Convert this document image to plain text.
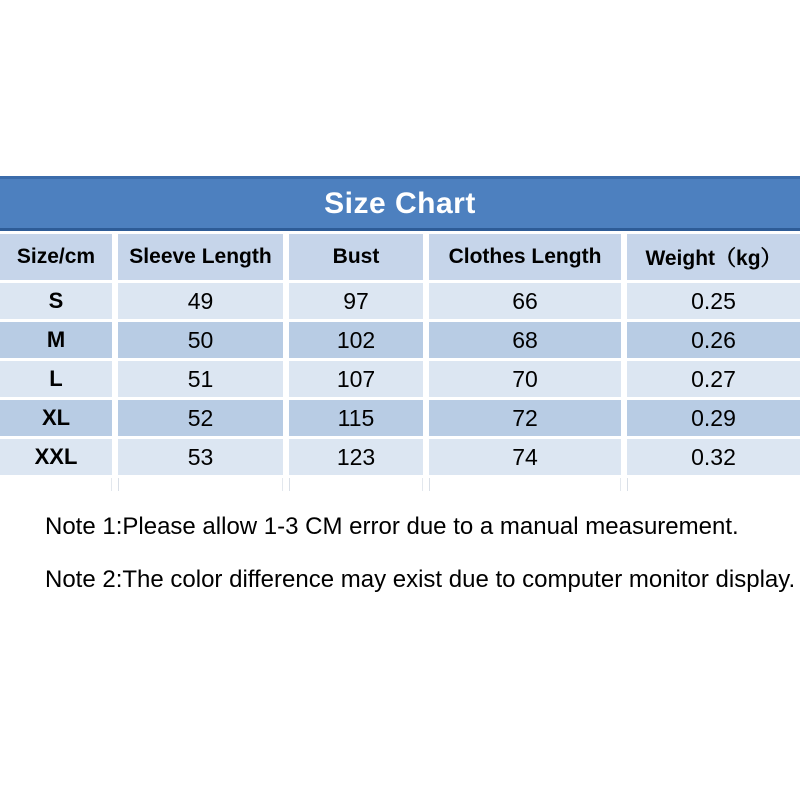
Size Chart
Size/cm	Sleeve Length	Bust	Clothes Length	Weight（kg）
S	49	97	66	0.25
M	50	102	68	0.26
L	51	107	70	0.27
XL	52	115	72	0.29
XXL	53	123	74	0.32

Note 1:Please allow 1-3 CM error due to a manual measurement.

Note 2:The color difference may exist due to computer monitor display.
